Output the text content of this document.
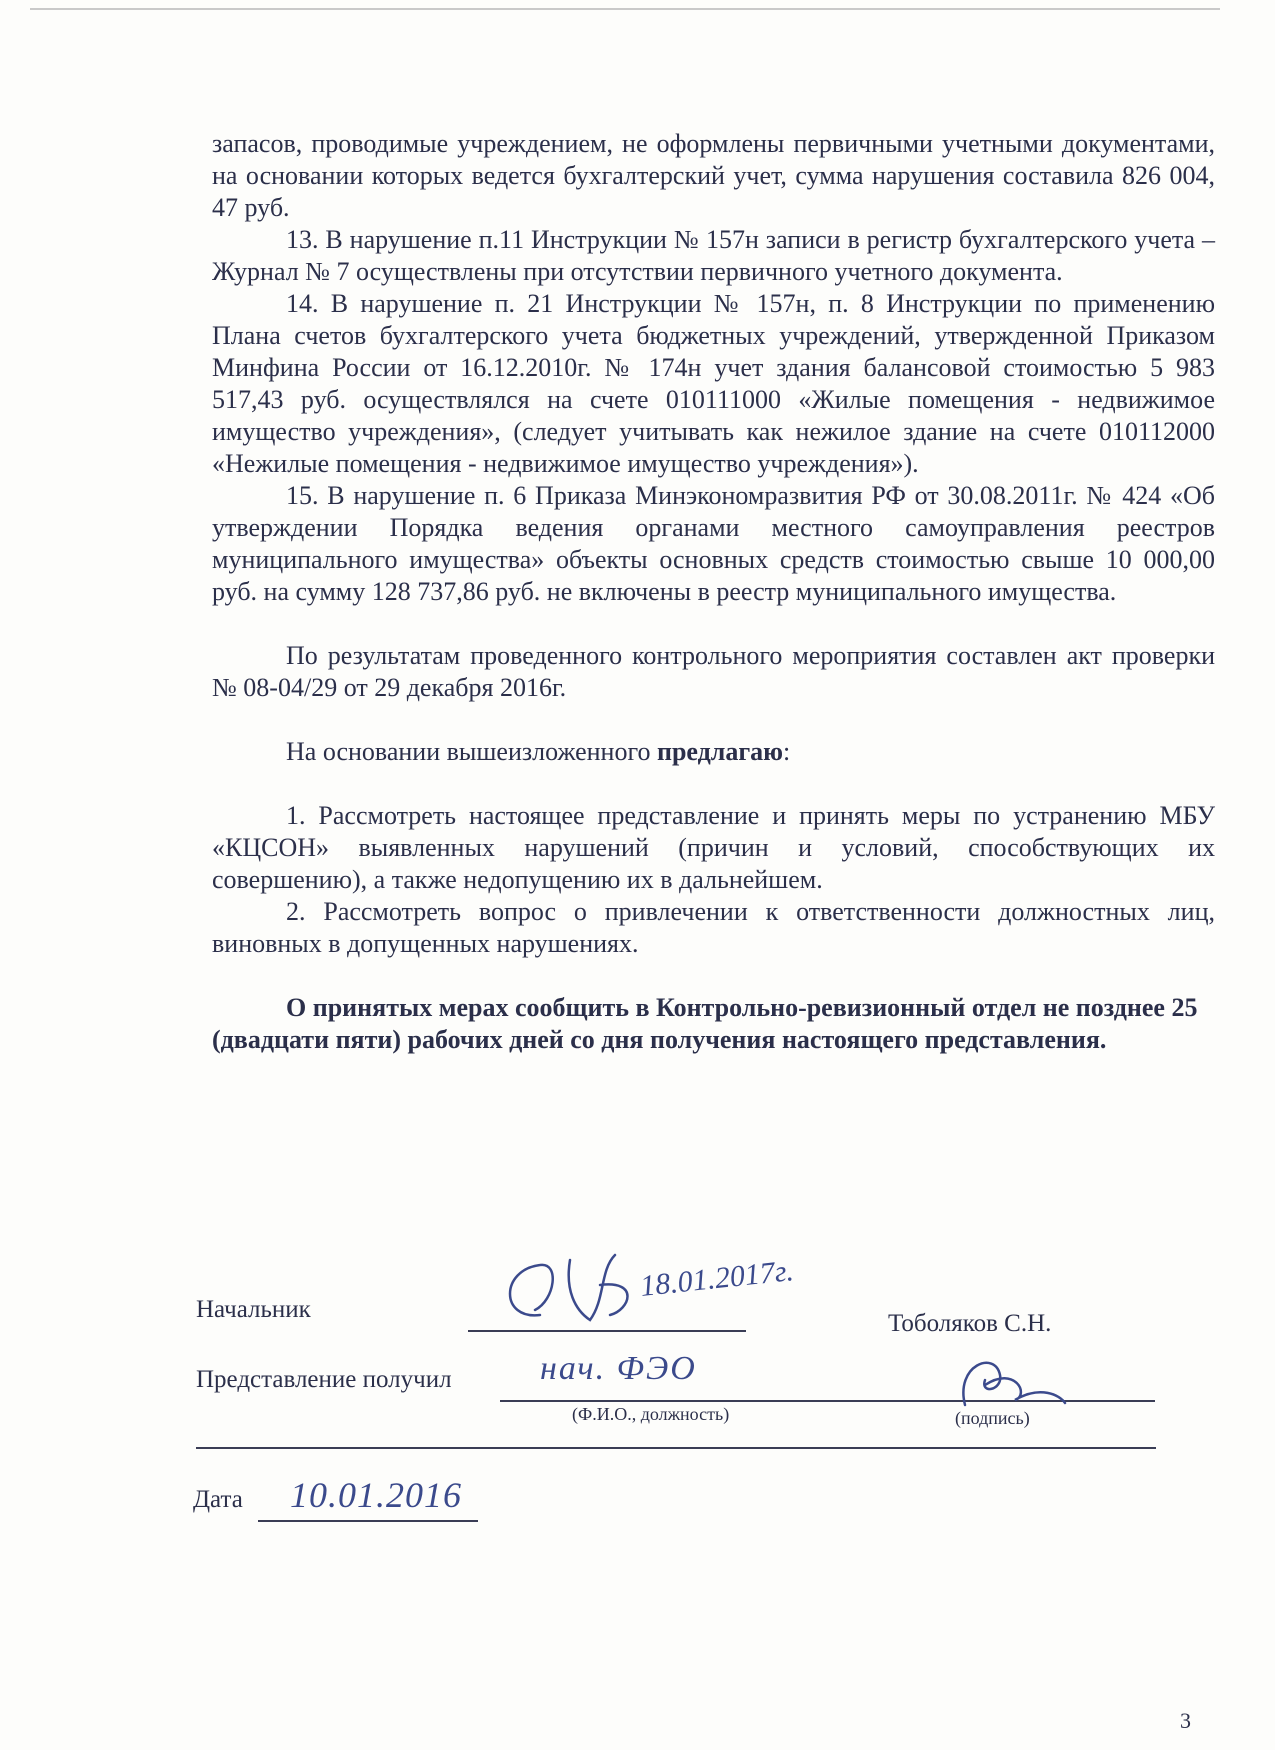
запасов, проводимые учреждением, не оформлены первичными учетными документами, на основании которых ведется бухгалтерский учет, сумма нарушения составила 826 004, 47 руб.

13. В нарушение п.11 Инструкции № 157н записи в регистр бухгалтерского учета – Журнал № 7 осуществлены при отсутствии первичного учетного документа.

14. В нарушение п. 21 Инструкции № 157н, п. 8 Инструкции по применению Плана счетов бухгалтерского учета бюджетных учреждений, утвержденной Приказом Минфина России от 16.12.2010г. № 174н учет здания балансовой стоимостью 5 983 517,43 руб. осуществлялся на счете 010111000 «Жилые помещения - недвижимое имущество учреждения», (следует учитывать как нежилое здание на счете 010112000 «Нежилые помещения - недвижимое имущество учреждения»).

15. В нарушение п. 6 Приказа Минэкономразвития РФ от 30.08.2011г. № 424 «Об утверждении Порядка ведения органами местного самоуправления реестров муниципального имущества» объекты основных средств стоимостью свыше 10 000,00 руб. на сумму 128 737,86 руб. не включены в реестр муниципального имущества.

По результатам проведенного контрольного мероприятия составлен акт проверки № 08-04/29 от 29 декабря 2016г.

На основании вышеизложенного предлагаю:

1. Рассмотреть настоящее представление и принять меры по устранению МБУ «КЦСОН» выявленных нарушений (причин и условий, способствующих их совершению), а также недопущению их в дальнейшем.

2. Рассмотреть вопрос о привлечении к ответственности должностных лиц, виновных в допущенных нарушениях.

О принятых мерах сообщить в Контрольно-ревизионный отдел не позднее 25 (двадцати пяти) рабочих дней со дня получения настоящего представления.

Начальник
18.01.2017г.
Тоболяков С.Н.
Представление получил	нач. ФЭО
(Ф.И.О., должность)	(подпись)
Дата 10.01.2016
3
